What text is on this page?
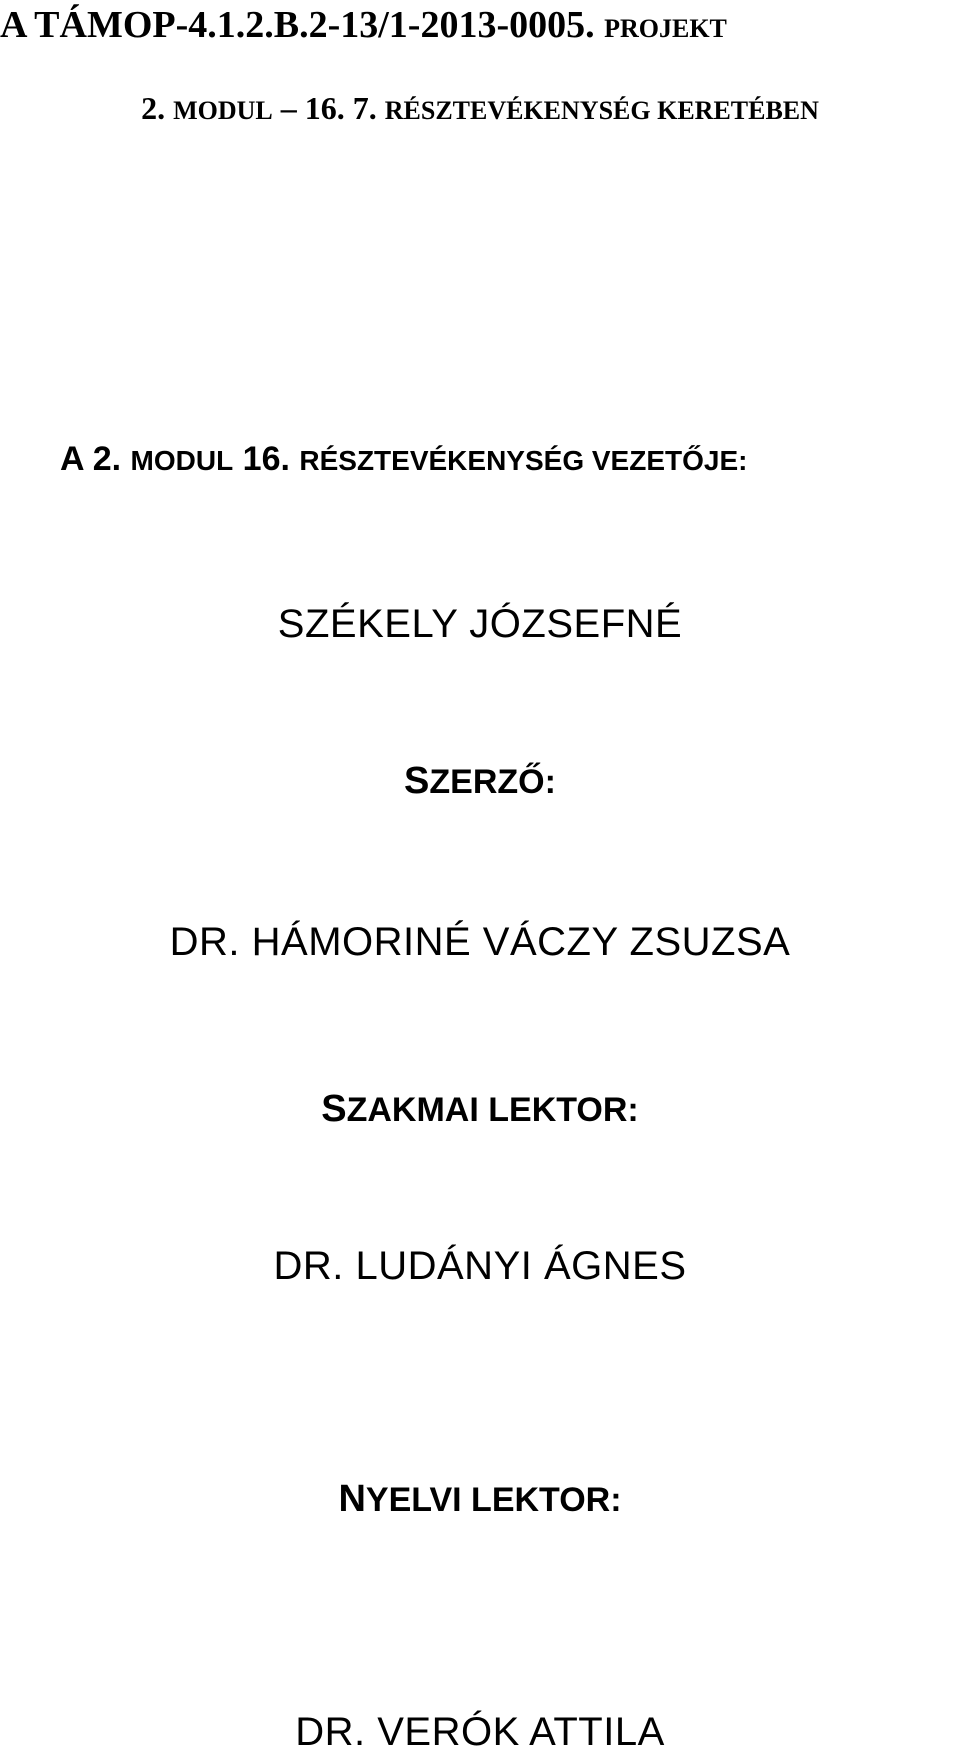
A TÁMOP-4.1.2.B.2-13/1-2013-0005. PROJEKT
2. MODUL – 16. 7. RÉSZTEVÉKENYSÉG KERETÉBEN
A 2. MODUL 16. RÉSZTEVÉKENYSÉG VEZETŐJE:
SZÉKELY JÓZSEFNÉ
SZERZŐ:
DR. HÁMORINÉ VÁCZY ZSUZSA
SZAKMAI LEKTOR:
DR. LUDÁNYI ÁGNES
NYELVI LEKTOR:
DR. VERÓK ATTILA
